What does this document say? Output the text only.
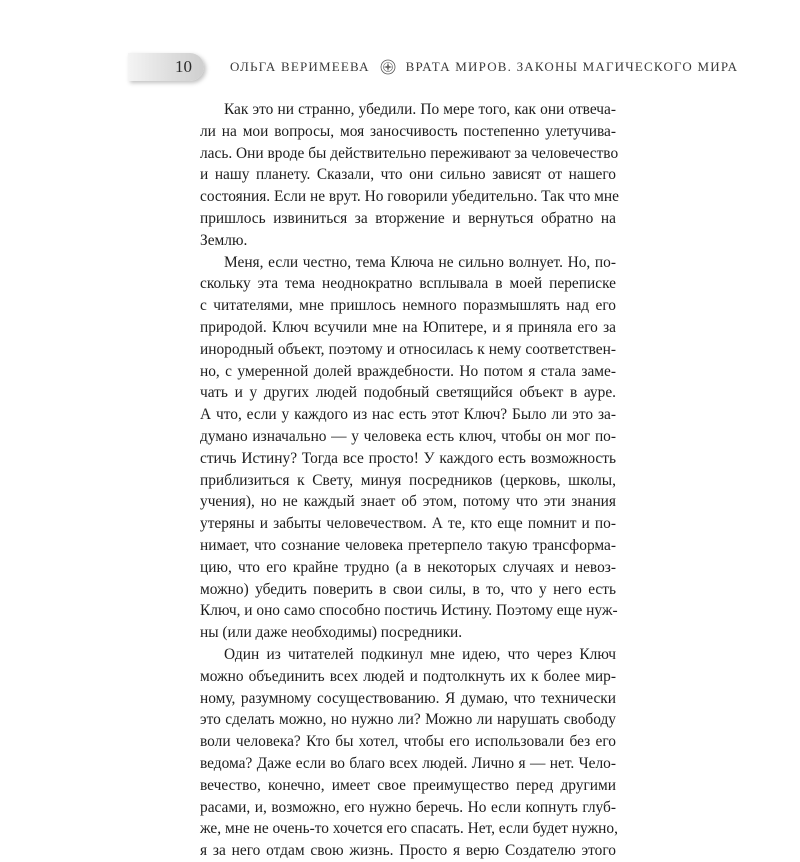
10	ОЛЬГА ВЕРИМЕЕВА	ВРАТА МИРОВ. ЗАКОНЫ МАГИЧЕСКОГО МИРА

Как это ни странно, убедили. По мере того, как они отвеча-
ли на мои вопросы, моя заносчивость постепенно улетучива-
лась. Они вроде бы действительно переживают за человечество
и нашу планету. Сказали, что они сильно зависят от нашего
состояния. Если не врут. Но говорили убедительно. Так что мне
пришлось извиниться за вторжение и вернуться обратно на
Землю.

Меня, если честно, тема Ключа не сильно волнует. Но, по-
скольку эта тема неоднократно всплывала в моей переписке
с читателями, мне пришлось немного поразмышлять над его
природой. Ключ всучили мне на Юпитере, и я приняла его за
инородный объект, поэтому и относилась к нему соответствен-
но, с умеренной долей враждебности. Но потом я стала заме-
чать и у других людей подобный светящийся объект в ауре.
А что, если у каждого из нас есть этот Ключ? Было ли это за-
думано изначально — у человека есть ключ, чтобы он мог по-
стичь Истину? Тогда все просто! У каждого есть возможность
приблизиться к Свету, минуя посредников (церковь, школы,
учения), но не каждый знает об этом, потому что эти знания
утеряны и забыты человечеством. А те, кто еще помнит и по-
нимает, что сознание человека претерпело такую трансформа-
цию, что его крайне трудно (а в некоторых случаях и невоз-
можно) убедить поверить в свои силы, в то, что у него есть
Ключ, и оно само способно постичь Истину. Поэтому еще нуж-
ны (или даже необходимы) посредники.

Один из читателей подкинул мне идею, что через Ключ
можно объединить всех людей и подтолкнуть их к более мир-
ному, разумному сосуществованию. Я думаю, что технически
это сделать можно, но нужно ли? Можно ли нарушать свободу
воли человека? Кто бы хотел, чтобы его использовали без его
ведома? Даже если во благо всех людей. Лично я — нет. Чело-
вечество, конечно, имеет свое преимущество перед другими
расами, и, возможно, его нужно беречь. Но если копнуть глуб-
же, мне не очень-то хочется его спасать. Нет, если будет нужно,
я за него отдам свою жизнь. Просто я верю Создателю этого
